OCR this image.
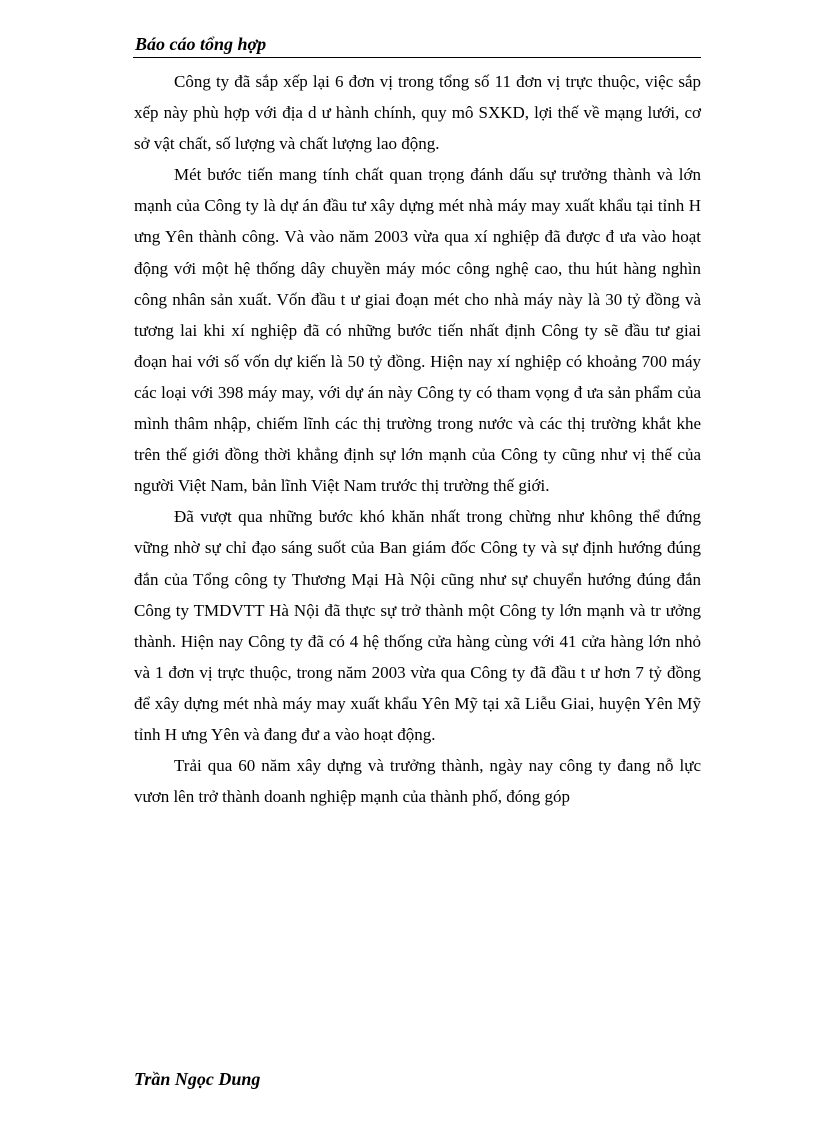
Báo cáo tổng hợp

Công ty đã sắp xếp lại 6 đơn vị trong tổng số 11 đơn vị trực thuộc, việc sắp xếp này phù hợp với địa d ư hành chính, quy mô SXKD, lợi thế về mạng lưới, cơ sở vật chất, số lượng và chất lượng lao động.

Mét bước tiến mang tính chất quan trọng đánh dấu sự trưởng thành và lớn mạnh của Công ty là dự án đầu tư xây dựng mét nhà máy may xuất khẩu tại tỉnh H ưng Yên thành công. Và vào năm 2003 vừa qua xí nghiệp đã được đ ưa vào hoạt động với một hệ thống dây chuyền máy móc công nghệ cao, thu hút hàng nghìn công nhân sản xuất. Vốn đầu t ư giai đoạn mét cho nhà máy này là 30 tỷ đồng và tương lai khi xí nghiệp đã có những bước tiến nhất định Công ty sẽ đầu tư giai đoạn hai với số vốn dự kiến là 50 tỷ đồng. Hiện nay xí nghiệp có khoảng 700 máy các loại với 398 máy may, với dự án này Công ty có tham vọng đ ưa sản phẩm của mình thâm nhập, chiếm lĩnh các thị trường trong nước và các thị trường khắt khe trên thế giới đồng thời khẳng định sự lớn mạnh của Công ty cũng như vị thế của người Việt Nam, bản lĩnh Việt Nam trước thị trường thế giới.

Đã vượt qua những bước khó khăn nhất trong chừng như không thể đứng vững nhờ sự chỉ đạo sáng suốt của Ban giám đốc Công ty và sự định hướng đúng đắn của Tổng công ty Thương Mại Hà Nội cũng như sự chuyển hướng đúng đắn Công ty TMDVTT Hà Nội đã thực sự trở thành một Công ty lớn mạnh và tr ưởng thành. Hiện nay Công ty đã có 4 hệ thống cửa hàng cùng với 41 cửa hàng lớn nhỏ và 1 đơn vị trực thuộc, trong năm 2003 vừa qua Công ty đã đầu t ư hơn 7 tỷ đồng để xây dựng mét nhà máy may xuất khẩu Yên Mỹ tại xã Liễu Giai, huyện Yên Mỹ tỉnh H ưng Yên và đang đư a vào hoạt động.

Trải qua 60 năm xây dựng và trưởng thành, ngày nay công ty đang nỗ lực vươn lên trở thành doanh nghiệp mạnh của thành phố, đóng góp

Trần Ngọc Dung
